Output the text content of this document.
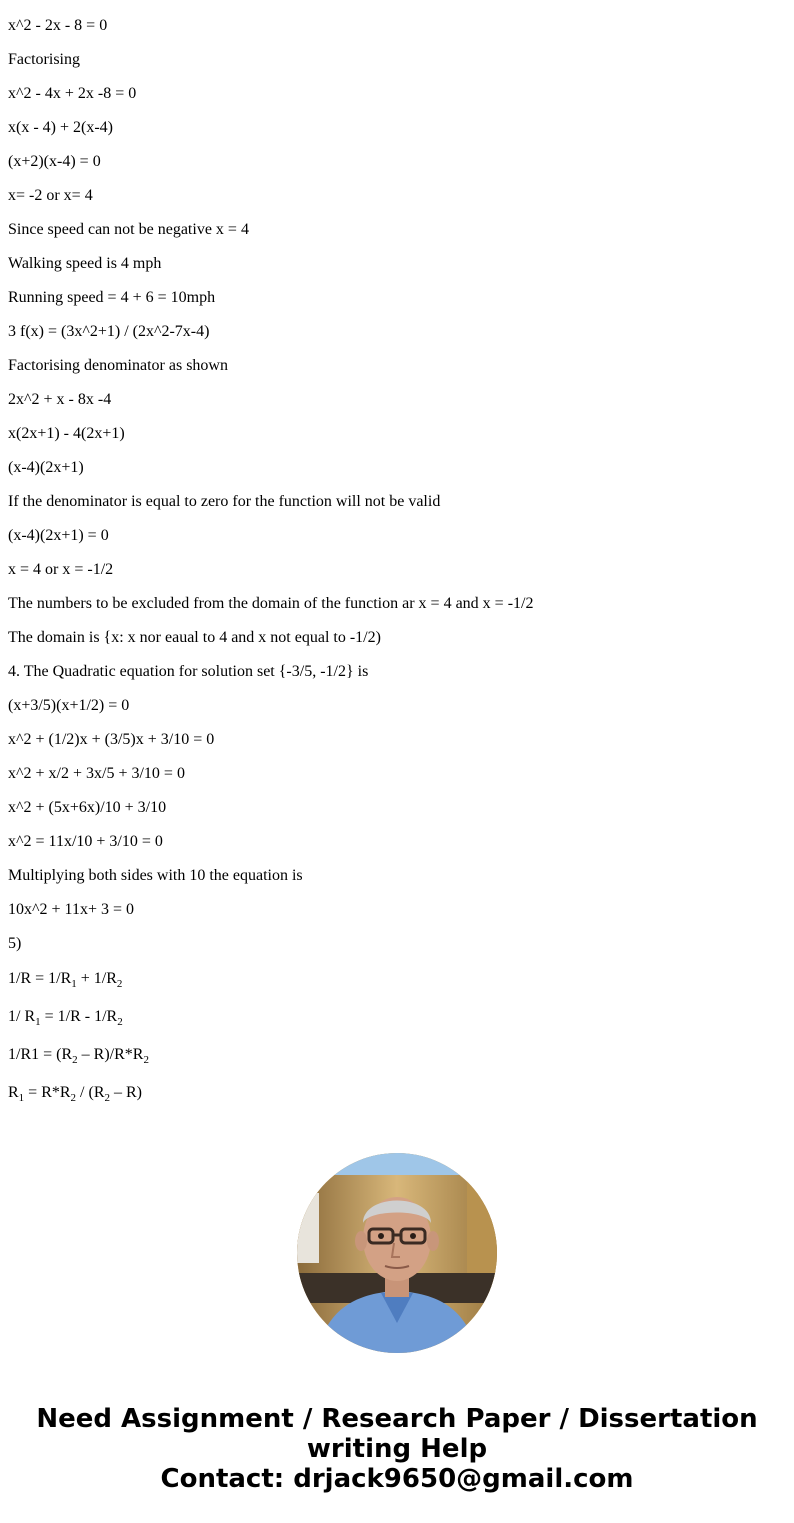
x^2 - 2x - 8 = 0

Factorising

x^2 - 4x + 2x -8 = 0

x(x - 4) + 2(x-4)

(x+2)(x-4) = 0

x= -2 or x= 4

Since speed can not be negative x = 4

Walking speed is 4 mph

Running speed = 4 + 6 = 10mph

3 f(x) = (3x^2+1) / (2x^2-7x-4)

Factorising denominator as shown

2x^2 + x - 8x -4

x(2x+1) - 4(2x+1)

(x-4)(2x+1)

If the denominator is equal to zero for the function will not be valid

(x-4)(2x+1) = 0

x = 4 or x = -1/2

The numbers to be excluded from the domain of the function ar x = 4 and x = -1/2

The domain is {x: x nor eaual to 4 and x not equal to -1/2)

4. The Quadratic equation for solution set {-3/5, -1/2} is

(x+3/5)(x+1/2) = 0

x^2 + (1/2)x + (3/5)x + 3/10 = 0

x^2 + x/2 + 3x/5 + 3/10 = 0

x^2 + (5x+6x)/10 + 3/10

x^2 = 11x/10 + 3/10 = 0

Multiplying both sides with 10 the equation is

10x^2 + 11x+ 3 = 0

5)

$1/R = 1/R_1 + 1/R_2$

1/ $R_1 = 1/R - 1/R_2$

$1/R1 = (R_2 - R)/R*R_2$

$R_1 = R*R_2 / (R_2 - R)$

Need Assignment / Research Paper / Dissertation
writing Help
Contact: drjack9650@gmail.com
